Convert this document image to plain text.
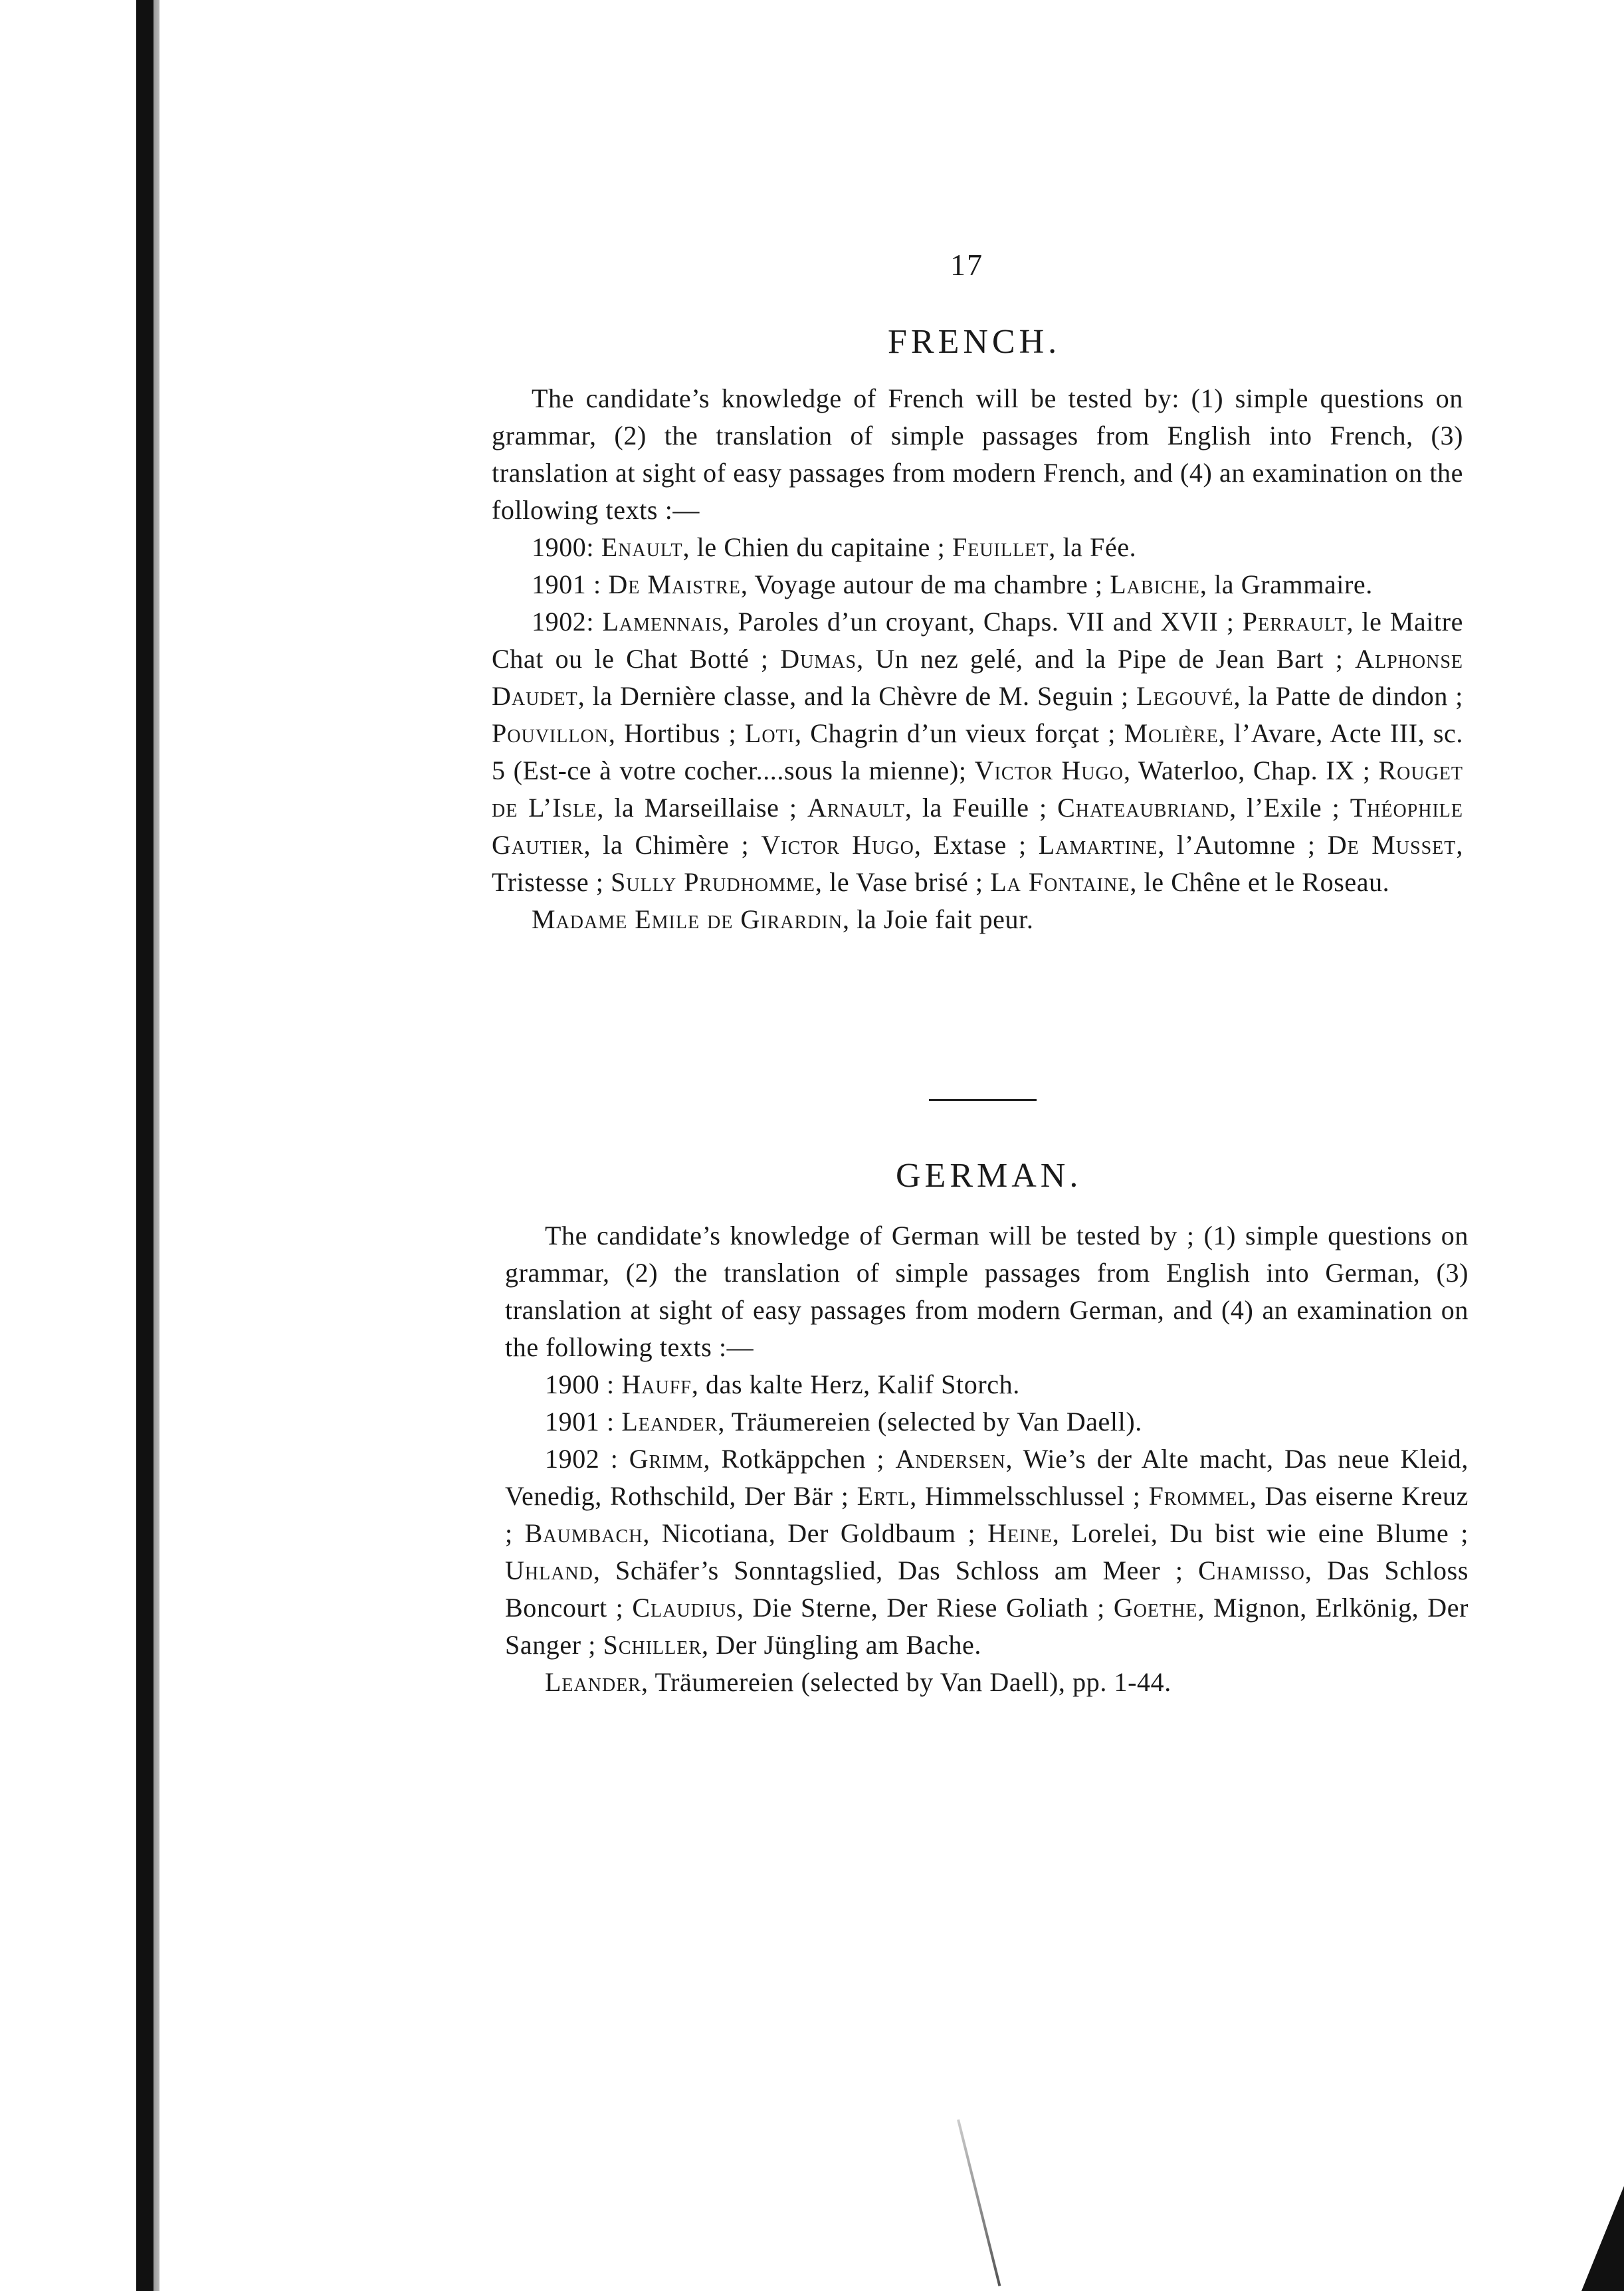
17
FRENCH.

The candidate’s knowledge of French will be tested by: (1) simple questions on grammar, (2) the translation of simple passages from English into French, (3) translation at sight of easy passages from modern French, and (4) an examination on the following texts :—

1900: Enault, le Chien du capitaine ; Feuillet, la Fée.

1901 : De Maistre, Voyage autour de ma chambre ; Labiche, la Grammaire.

1902: Lamennais, Paroles d’un croyant, Chaps. VII and XVII ; Perrault, le Maitre Chat ou le Chat Botté ; Dumas, Un nez gelé, and la Pipe de Jean Bart ; Alphonse Daudet, la Dernière classe, and la Chèvre de M. Seguin ; Legouvé, la Patte de dindon ; Pouvillon, Hortibus ; Loti, Chagrin d’un vieux forçat ; Molière, l’Avare, Acte III, sc. 5 (Est-ce à votre cocher....sous la mienne); Victor Hugo, Waterloo, Chap. IX ; Rouget de L’Isle, la Marseillaise ; Arnault, la Feuille ; Chateaubriand, l’Exile ; Théophile Gautier, la Chimère ; Victor Hugo, Extase ; Lamartine, l’Automne ; De Musset, Tristesse ; Sully Prudhomme, le Vase brisé ; La Fontaine, le Chêne et le Roseau.

Madame Emile de Girardin, la Joie fait peur.

GERMAN.

The candidate’s knowledge of German will be tested by ; (1) simple questions on grammar, (2) the translation of simple passages from English into German, (3) translation at sight of easy passages from modern German, and (4) an examination on the following texts :—

1900 : Hauff, das kalte Herz, Kalif Storch.

1901 : Leander, Träumereien (selected by Van Daell).

1902 : Grimm, Rotkäppchen ; Andersen, Wie’s der Alte macht, Das neue Kleid, Venedig, Rothschild, Der Bär ; Ertl, Himmelsschlussel ; Frommel, Das eiserne Kreuz ; Baumbach, Nicotiana, Der Goldbaum ; Heine, Lorelei, Du bist wie eine Blume ; Uhland, Schäfer’s Sonntagslied, Das Schloss am Meer ; Chamisso, Das Schloss Boncourt ; Claudius, Die Sterne, Der Riese Goliath ; Goethe, Mignon, Erlkönig, Der Sanger ; Schiller, Der Jüngling am Bache.

Leander, Träumereien (selected by Van Daell), pp. 1-44.
